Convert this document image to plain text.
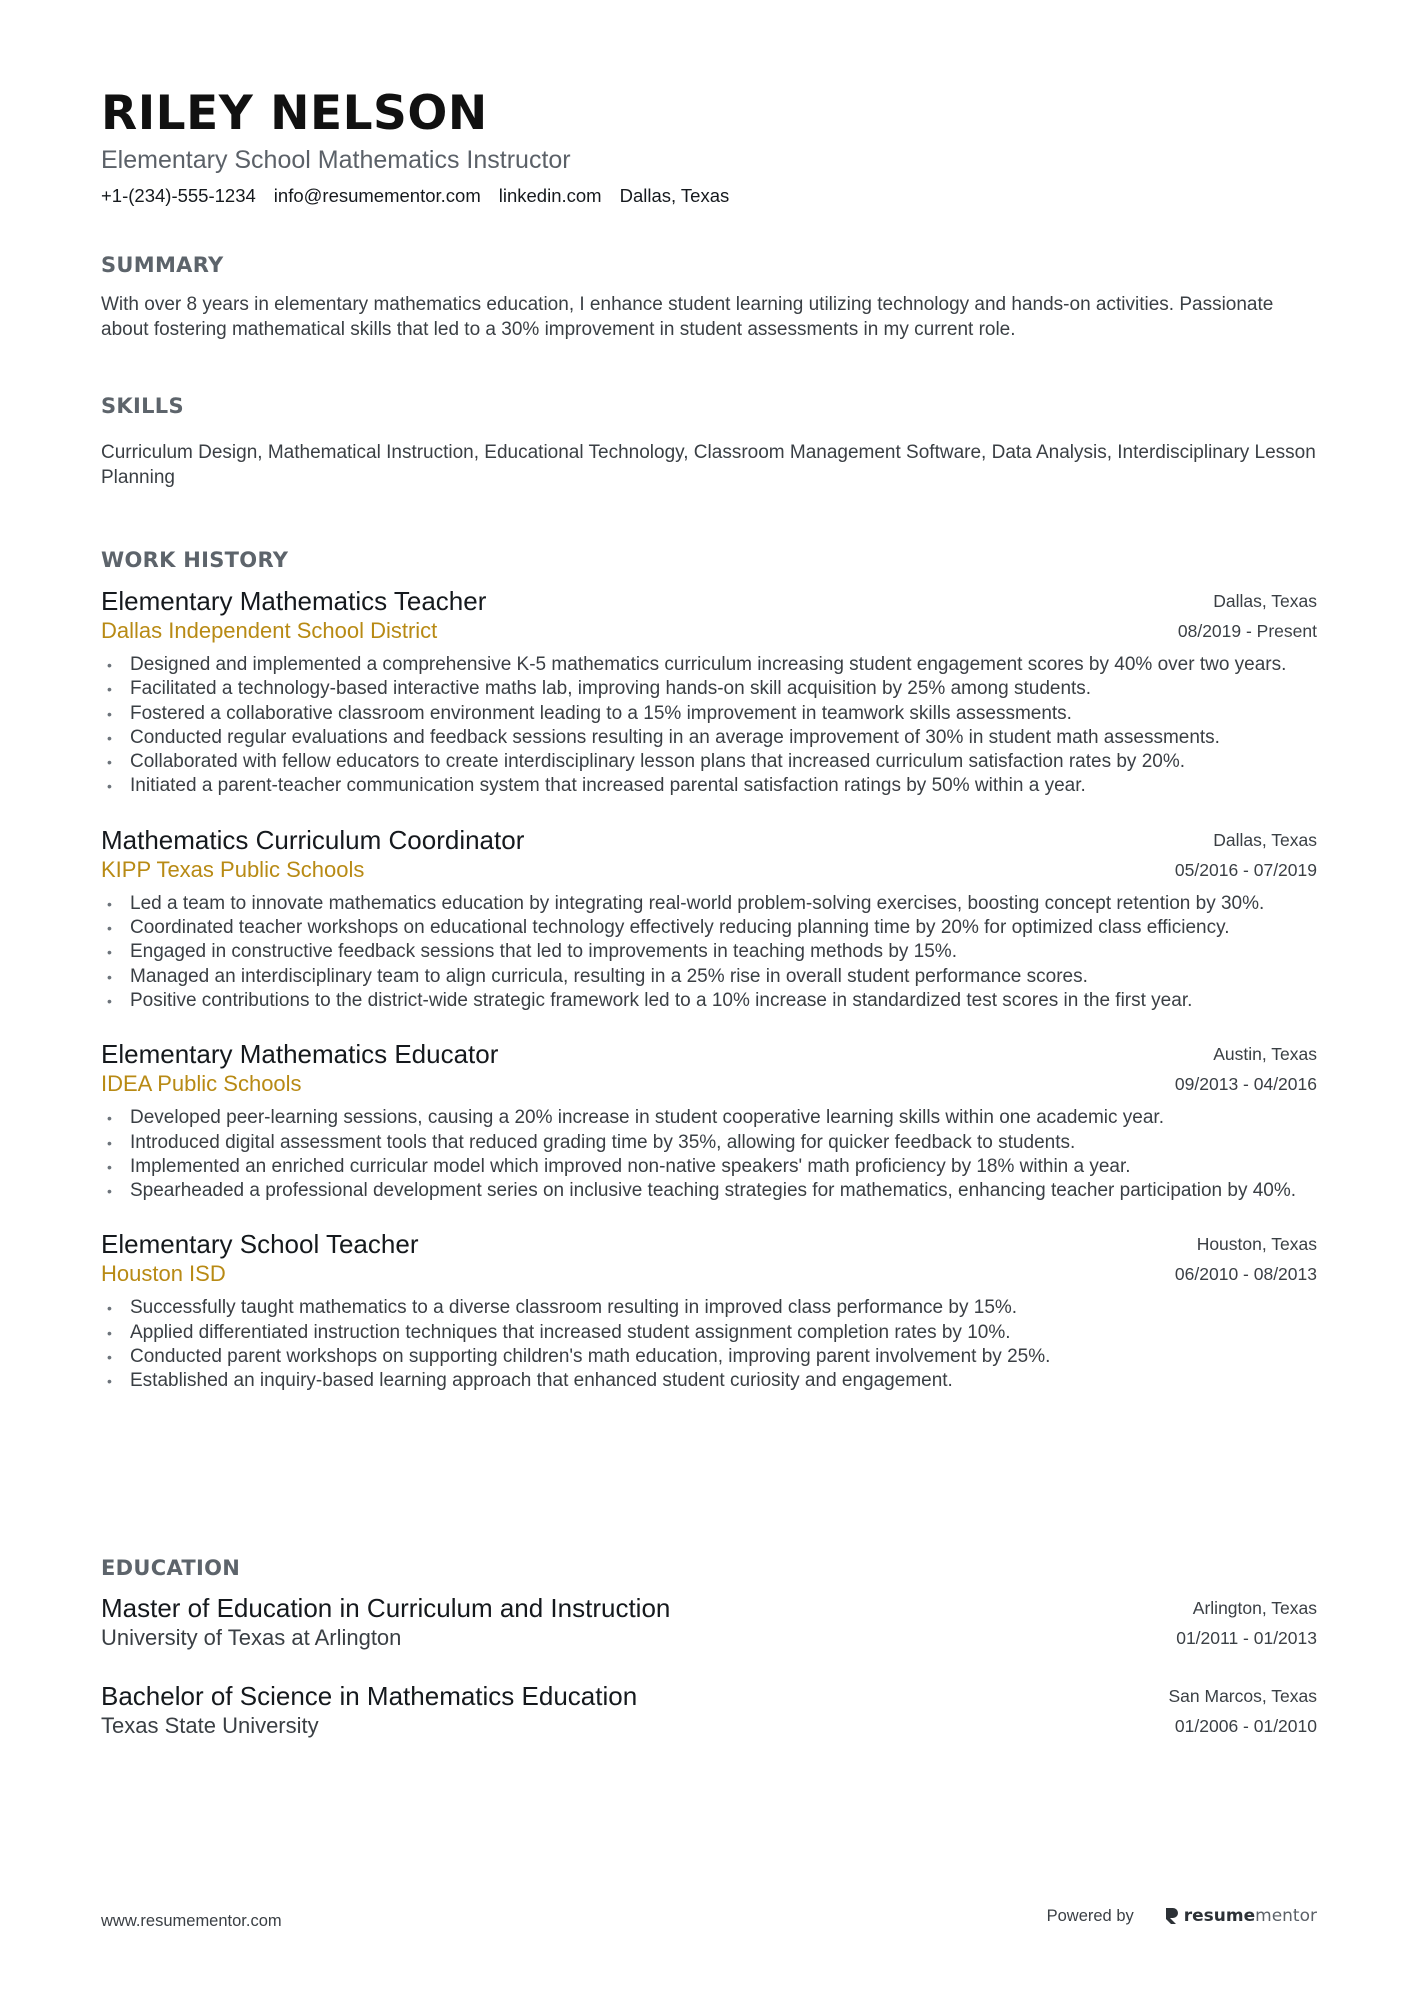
RILEY NELSON
Elementary School Mathematics Instructor
+1-(234)-555-1234 info@resumementor.com linkedin.com Dallas, Texas
SUMMARY
With over 8 years in elementary mathematics education, I enhance student learning utilizing technology and hands-on activities. Passionate about fostering mathematical skills that led to a 30% improvement in student assessments in my current role.
SKILLS
Curriculum Design, Mathematical Instruction, Educational Technology, Classroom Management Software, Data Analysis, Interdisciplinary Lesson Planning
WORK HISTORY
Elementary Mathematics Teacher
Dallas Independent School District
Dallas, Texas
08/2019 - Present
• Designed and implemented a comprehensive K-5 mathematics curriculum increasing student engagement scores by 40% over two years.
• Facilitated a technology-based interactive maths lab, improving hands-on skill acquisition by 25% among students.
• Fostered a collaborative classroom environment leading to a 15% improvement in teamwork skills assessments.
• Conducted regular evaluations and feedback sessions resulting in an average improvement of 30% in student math assessments.
• Collaborated with fellow educators to create interdisciplinary lesson plans that increased curriculum satisfaction rates by 20%.
• Initiated a parent-teacher communication system that increased parental satisfaction ratings by 50% within a year.
Mathematics Curriculum Coordinator
KIPP Texas Public Schools
Dallas, Texas
05/2016 - 07/2019
• Led a team to innovate mathematics education by integrating real-world problem-solving exercises, boosting concept retention by 30%.
• Coordinated teacher workshops on educational technology effectively reducing planning time by 20% for optimized class efficiency.
• Engaged in constructive feedback sessions that led to improvements in teaching methods by 15%.
• Managed an interdisciplinary team to align curricula, resulting in a 25% rise in overall student performance scores.
• Positive contributions to the district-wide strategic framework led to a 10% increase in standardized test scores in the first year.
Elementary Mathematics Educator
IDEA Public Schools
Austin, Texas
09/2013 - 04/2016
• Developed peer-learning sessions, causing a 20% increase in student cooperative learning skills within one academic year.
• Introduced digital assessment tools that reduced grading time by 35%, allowing for quicker feedback to students.
• Implemented an enriched curricular model which improved non-native speakers' math proficiency by 18% within a year.
• Spearheaded a professional development series on inclusive teaching strategies for mathematics, enhancing teacher participation by 40%.
Elementary School Teacher
Houston ISD
Houston, Texas
06/2010 - 08/2013
• Successfully taught mathematics to a diverse classroom resulting in improved class performance by 15%.
• Applied differentiated instruction techniques that increased student assignment completion rates by 10%.
• Conducted parent workshops on supporting children's math education, improving parent involvement by 25%.
• Established an inquiry-based learning approach that enhanced student curiosity and engagement.
EDUCATION
Master of Education in Curriculum and Instruction
University of Texas at Arlington
Arlington, Texas
01/2011 - 01/2013
Bachelor of Science in Mathematics Education
Texas State University
San Marcos, Texas
01/2006 - 01/2010
www.resumementor.com	Powered by	resumementor
